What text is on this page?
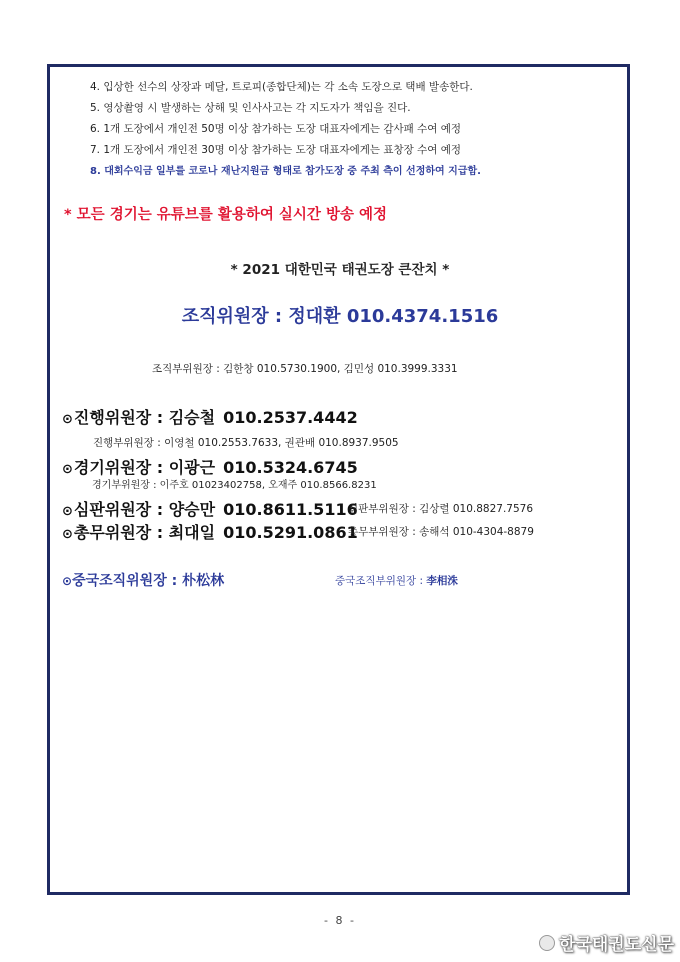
4. 입상한 선수의 상장과 메달, 트로피(종합단체)는 각 소속 도장으로 택배 발송한다.
5. 영상촬영 시 발생하는 상해 및 인사사고는 각 지도자가 책임을 진다.
6. 1개 도장에서 개인전 50명 이상 참가하는 도장 대표자에게는 감사패 수여 예정
7. 1개 도장에서 개인전 30명 이상 참가하는 도장 대표자에게는 표창장 수여 예정
8. 대회수익금 일부를 코로나 재난지원금 형태로 참가도장 중 주최 측이 선정하여 지급함.
* 모든 경기는 유튜브를 활용하여 실시간 방송 예정
* 2021 대한민국 태권도장 큰잔치 *
조직위원장 : 정대환 010.4374.1516
조직부위원장 : 김한창 010.5730.1900, 김민성 010.3999.3331
⊙진행위원장 : 김승철 010.2537.4442
진행부위원장 : 이영철 010.2553.7633, 권관배 010.8937.9505
⊙경기위원장 : 이광근 010.5324.6745
경기부위원장 : 이주호 01023402758, 오재주 010.8566.8231
⊙심판위원장 : 양승만 010.8611.5116
심판부위원장 : 김상렬 010.8827.7576
⊙총무위원장 : 최대일 010.5291.0861
총무부위원장 : 송해석 010-4304-8879
⊙중국조직위원장 : 朴松林	중국조직부위원장 : 李相洙
- 8 -
한국태권도신문
